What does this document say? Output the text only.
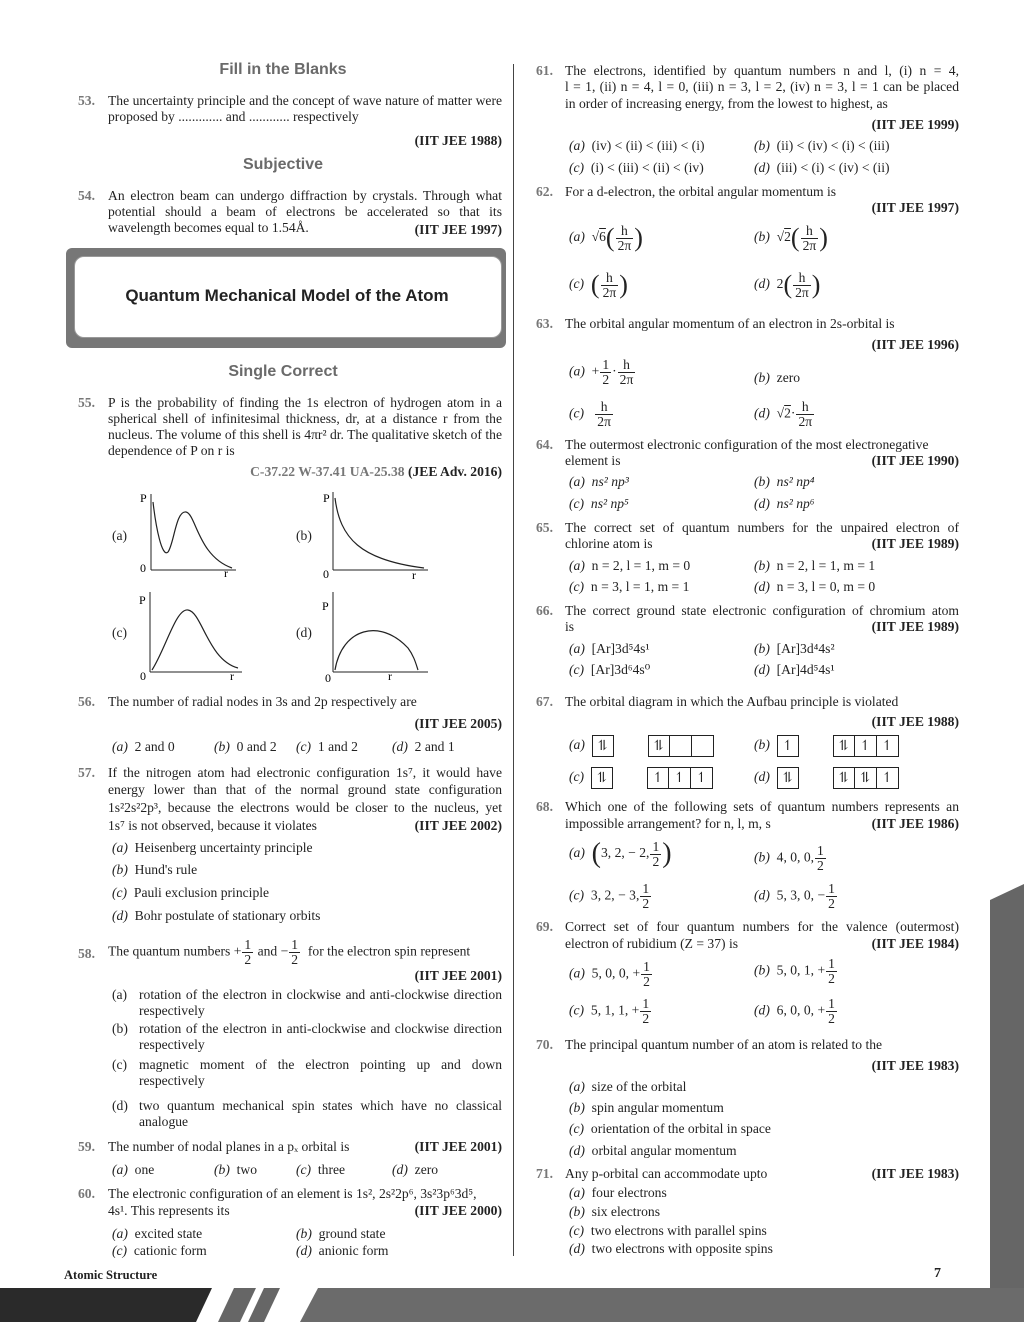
Fill in the Blanks
53. The uncertainty principle and the concept of wave nature of matter were proposed by ............. and ............ respectively
(IIT JEE 1988)
Subjective
54. An electron beam can undergo diffraction by crystals. Through what potential should a beam of electrons be accelerated so that its wavelength becomes equal to 1.54Å.	(IIT JEE 1997)
Quantum Mechanical Model of the Atom
Single Correct
55. P is the probability of finding the 1s electron of hydrogen atom in a spherical shell of infinitesimal thickness, dr, at a distance r from the nucleus. The volume of this shell is 4πr² dr. The qualitative sketch of the dependence of P on r is
C-37.22 W-37.41 UA-25.38 (JEE Adv. 2016)
(a)
P
0	r
(b)
P
0	r
(c)
P
0	r
(d)
P
0	r
56. The number of radial nodes in 3s and 2p respectively are
(IIT JEE 2005)
(a) 2 and 0	(b) 0 and 2 (c) 1 and 2	(d) 2 and 1
57. If the nitrogen atom had electronic configuration 1s⁷, it would have
energy lower than that of the normal ground state configuration
1s²2s²2p³, because the electrons would be closer to the nucleus, yet
1s⁷ is not observed, because it violates	(IIT JEE 2002)
(a) Heisenberg uncertainty principle
(b) Hund's rule
(c) Pauli exclusion principle
(d) Bohr postulate of stationary orbits
58. The quantum numbers + $\frac{1}{2}$ and − $\frac{1}{2}$ for the electron spin represent
(IIT JEE 2001)
(a) rotation of the electron in clockwise and anti-clockwise direction respectively
(b) rotation of the electron in anti-clockwise and clockwise direction respectively
(c) magnetic moment of the electron pointing up and down respectively
(d) two quantum mechanical spin states which have no classical analogue
59. The number of nodal planes in a pₓ orbital is	(IIT JEE 2001)
(a) one	(b) two	(c) three	(d) zero
60. The electronic configuration of an element is 1s², 2s²2p⁶, 3s²3p⁶3d⁵,
4s¹. This represents its	(IIT JEE 2000)
(a) excited state	(b) ground state
(c) cationic form	(d) anionic form
61. The electrons, identified by quantum numbers n and l, (i) n = 4,
l = 1, (ii) n = 4, l = 0, (iii) n = 3, l = 2, (iv) n = 3, l = 1 can be placed
in order of increasing energy, from the lowest to highest, as
(IIT JEE 1999)
(a) (iv) < (ii) < (iii) < (i)	(b) (ii) < (iv) < (i) < (iii)
(c) (i) < (iii) < (ii) < (iv)	(d) (iii) < (i) < (iv) < (ii)
62. For a d-electron, the orbital angular momentum is
(IIT JEE 1997)
(a)  $√6( \frac{h}{2\pi}$ )	(b)  $√2( \frac{h}{2\pi}$ )
(c) ( $\frac{h}{2\pi}$ )	(d) $2( \frac{h}{2\pi}$ )
63. The orbital angular momentum of an electron in 2s-orbital is
(IIT JEE 1996)
$(a) + \frac{1}{2} \cdot \frac{h}{2\pi}$	(b) zero
$(c) \frac{h}{2\pi}$	(d)  $√2\cdot \frac{h}{2\pi}$
64. The outermost electronic configuration of the most electronegative
element is	(IIT JEE 1990)
(a) ns² np³	(b) ns² np⁴
(c) ns² np⁵	(d) ns² np⁶
65. The correct set of quantum numbers for the unpaired electron of
chlorine atom is	(IIT JEE 1989)
(a) n = 2, l = 1, m = 0	(b) n = 2, l = 1, m = 1
(c) n = 3, l = 1, m = 1	(d) n = 3, l = 0, m = 0
66. The correct ground state electronic configuration of chromium atom
is	(IIT JEE 1989)
(a) [Ar]3d⁵4s¹	(b) [Ar]3d⁴4s²
(c) [Ar]3d⁶4s⁰	(d) [Ar]4d⁵4s¹
67. The orbital diagram in which the Aufbau principle is violated
(IIT JEE 1988)
(a) ⥮	⥮	(b) ↿	⥮ ↿ ↿
(c) ⥮	↿ ↿ ↿	(d) ⥮	⥮ ⥮ ↿
68. Which one of the following sets of quantum numbers represents an
impossible arrangement? for n, l, m, s	(IIT JEE 1986)
(a) (3, 2, − 2, $\frac{1}{2}$ )	(b) 4, 0, 0, $\frac{1}{2}$
(c) 3, 2, − 3, $\frac{1}{2}$	(d) 5, 3, 0, − $\frac{1}{2}$
69. Correct set of four quantum numbers for the valence (outermost)
electron of rubidium (Z = 37) is	(IIT JEE 1984)
(a) 5, 0, 0, + $\frac{1}{2}$	(b) 5, 0, 1, + $\frac{1}{2}$
(c) 5, 1, 1, + $\frac{1}{2}$	(d) 6, 0, 0, + $\frac{1}{2}$
70. The principal quantum number of an atom is related to the
(IIT JEE 1983)
(a) size of the orbital
(b) spin angular momentum
(c) orientation of the orbital in space
(d) orbital angular momentum
71. Any p-orbital can accommodate upto	(IIT JEE 1983)
(a) four electrons
(b) six electrons
(c) two electrons with parallel spins
(d) two electrons with opposite spins
Atomic Structure	7
